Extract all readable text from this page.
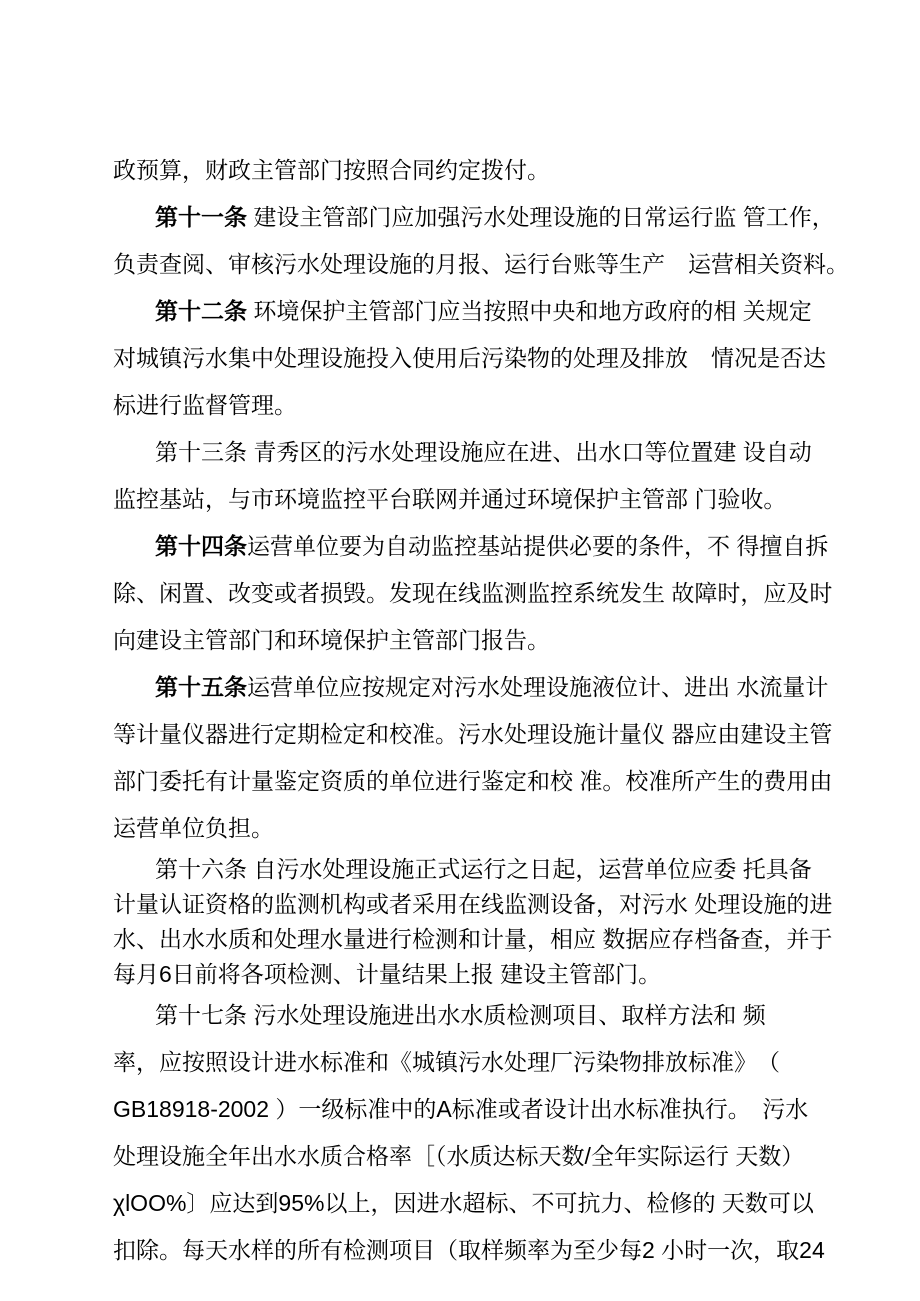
政预算，财政主管部门按照合同约定拨付。
第十一条 建设主管部门应加强污水处理设施的日常运行监 管工作，
负责查阅、审核污水处理设施的月报、运行台账等生产　运营相关资料。
第十二条 环境保护主管部门应当按照中央和地方政府的相 关规定
对城镇污水集中处理设施投入使用后污染物的处理及排放　情况是否达
标进行监督管理。
第十三条 青秀区的污水处理设施应在进、出水口等位置建 设自动
监控基站，与市环境监控平台联网并通过环境保护主管部 门验收。
第十四条运营单位要为自动监控基站提供必要的条件，不 得擅自拆
除、闲置、改变或者损毁。发现在线监测监控系统发生 故障时，应及时
向建设主管部门和环境保护主管部门报告。
第十五条运营单位应按规定对污水处理设施液位计、进出 水流量计
等计量仪器进行定期检定和校准。污水处理设施计量仪 器应由建设主管
部门委托有计量鉴定资质的单位进行鉴定和校 准。校准所产生的费用由
运营单位负担。
第十六条 自污水处理设施正式运行之日起，运营单位应委 托具备
计量认证资格的监测机构或者采用在线监测设备，对污水 处理设施的进
水、出水水质和处理水量进行检测和计量，相应 数据应存档备查，并于
每月6日前将各项检测、计量结果上报 建设主管部门。
第十七条 污水处理设施进出水水质检测项目、取样方法和 频
率，应按照设计进水标准和《城镇污水处理厂污染物排放标准》　（
GB18918-2002 ）一级标准中的A标准或者设计出水标准执行。　污水
处理设施全年出水水质合格率［（水质达标天数/全年实际运行 天数）
χlOO%〕应达到95%以上，因进水超标、不可抗力、检修的 天数可以
扣除。每天水样的所有检测项目（取样频率为至少每2 小时一次，取24
